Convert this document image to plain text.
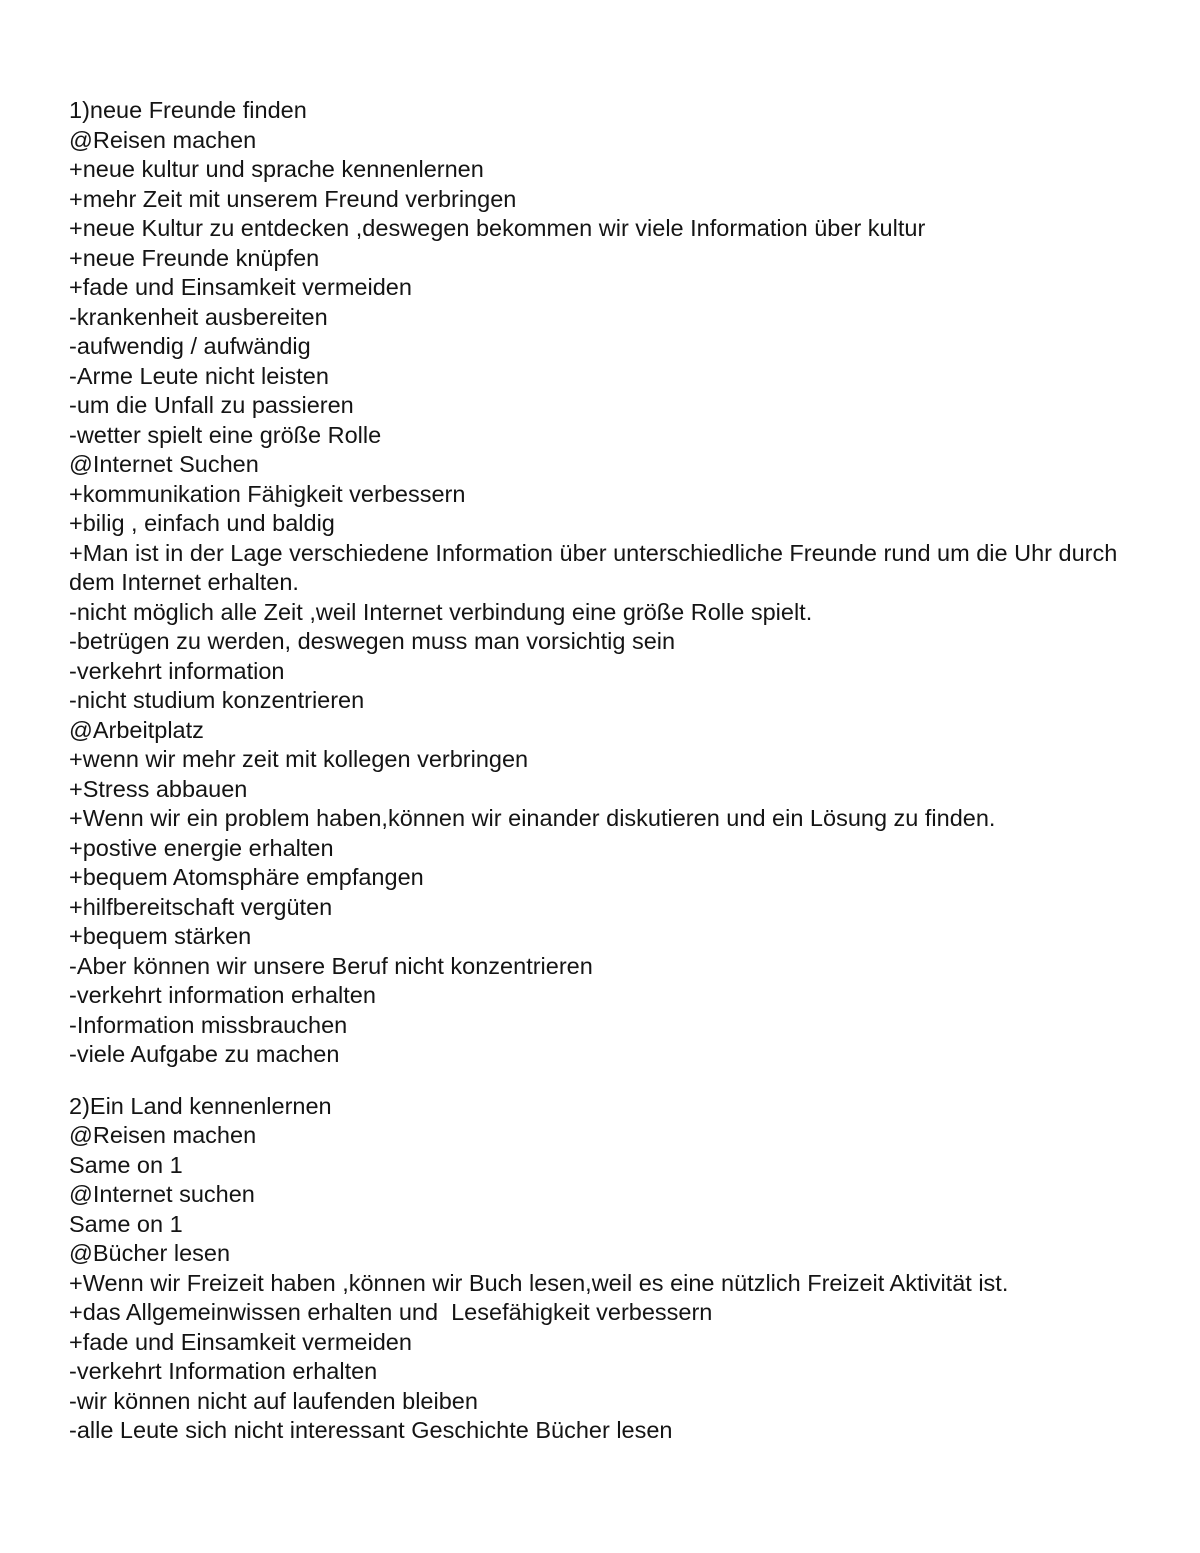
1)neue Freunde finden
@Reisen machen
+neue kultur und sprache kennenlernen
+mehr Zeit mit unserem Freund verbringen
+neue Kultur zu entdecken ,deswegen bekommen wir viele Information über kultur
+neue Freunde knüpfen
+fade und Einsamkeit vermeiden
-krankenheit ausbereiten
-aufwendig / aufwändig
-Arme Leute nicht leisten
-um die Unfall zu passieren
-wetter spielt eine größe Rolle
@Internet Suchen
+kommunikation Fähigkeit verbessern
+bilig , einfach und baldig
+Man ist in der Lage verschiedene Information über unterschiedliche Freunde rund um die Uhr durch dem Internet erhalten.
-nicht möglich alle Zeit ,weil Internet verbindung eine größe Rolle spielt.
-betrügen zu werden, deswegen muss man vorsichtig sein
-verkehrt information
-nicht studium konzentrieren
@Arbeitplatz
+wenn wir mehr zeit mit kollegen verbringen
+Stress abbauen
+Wenn wir ein problem haben,können wir einander diskutieren und ein Lösung zu finden.
+postive energie erhalten
+bequem Atomsphäre empfangen
+hilfbereitschaft vergüten
+bequem stärken
-Aber können wir unsere Beruf nicht konzentrieren
-verkehrt information erhalten
-Information missbrauchen
-viele Aufgabe zu machen
2)Ein Land kennenlernen
@Reisen machen
Same on 1
@Internet suchen
Same on 1
@Bücher lesen
+Wenn wir Freizeit haben ,können wir Buch lesen,weil es eine nützlich Freizeit Aktivität ist.
+das Allgemeinwissen erhalten und  Lesefähigkeit verbessern
+fade und Einsamkeit vermeiden
-verkehrt Information erhalten
-wir können nicht auf laufenden bleiben
-alle Leute sich nicht interessant Geschichte Bücher lesen
